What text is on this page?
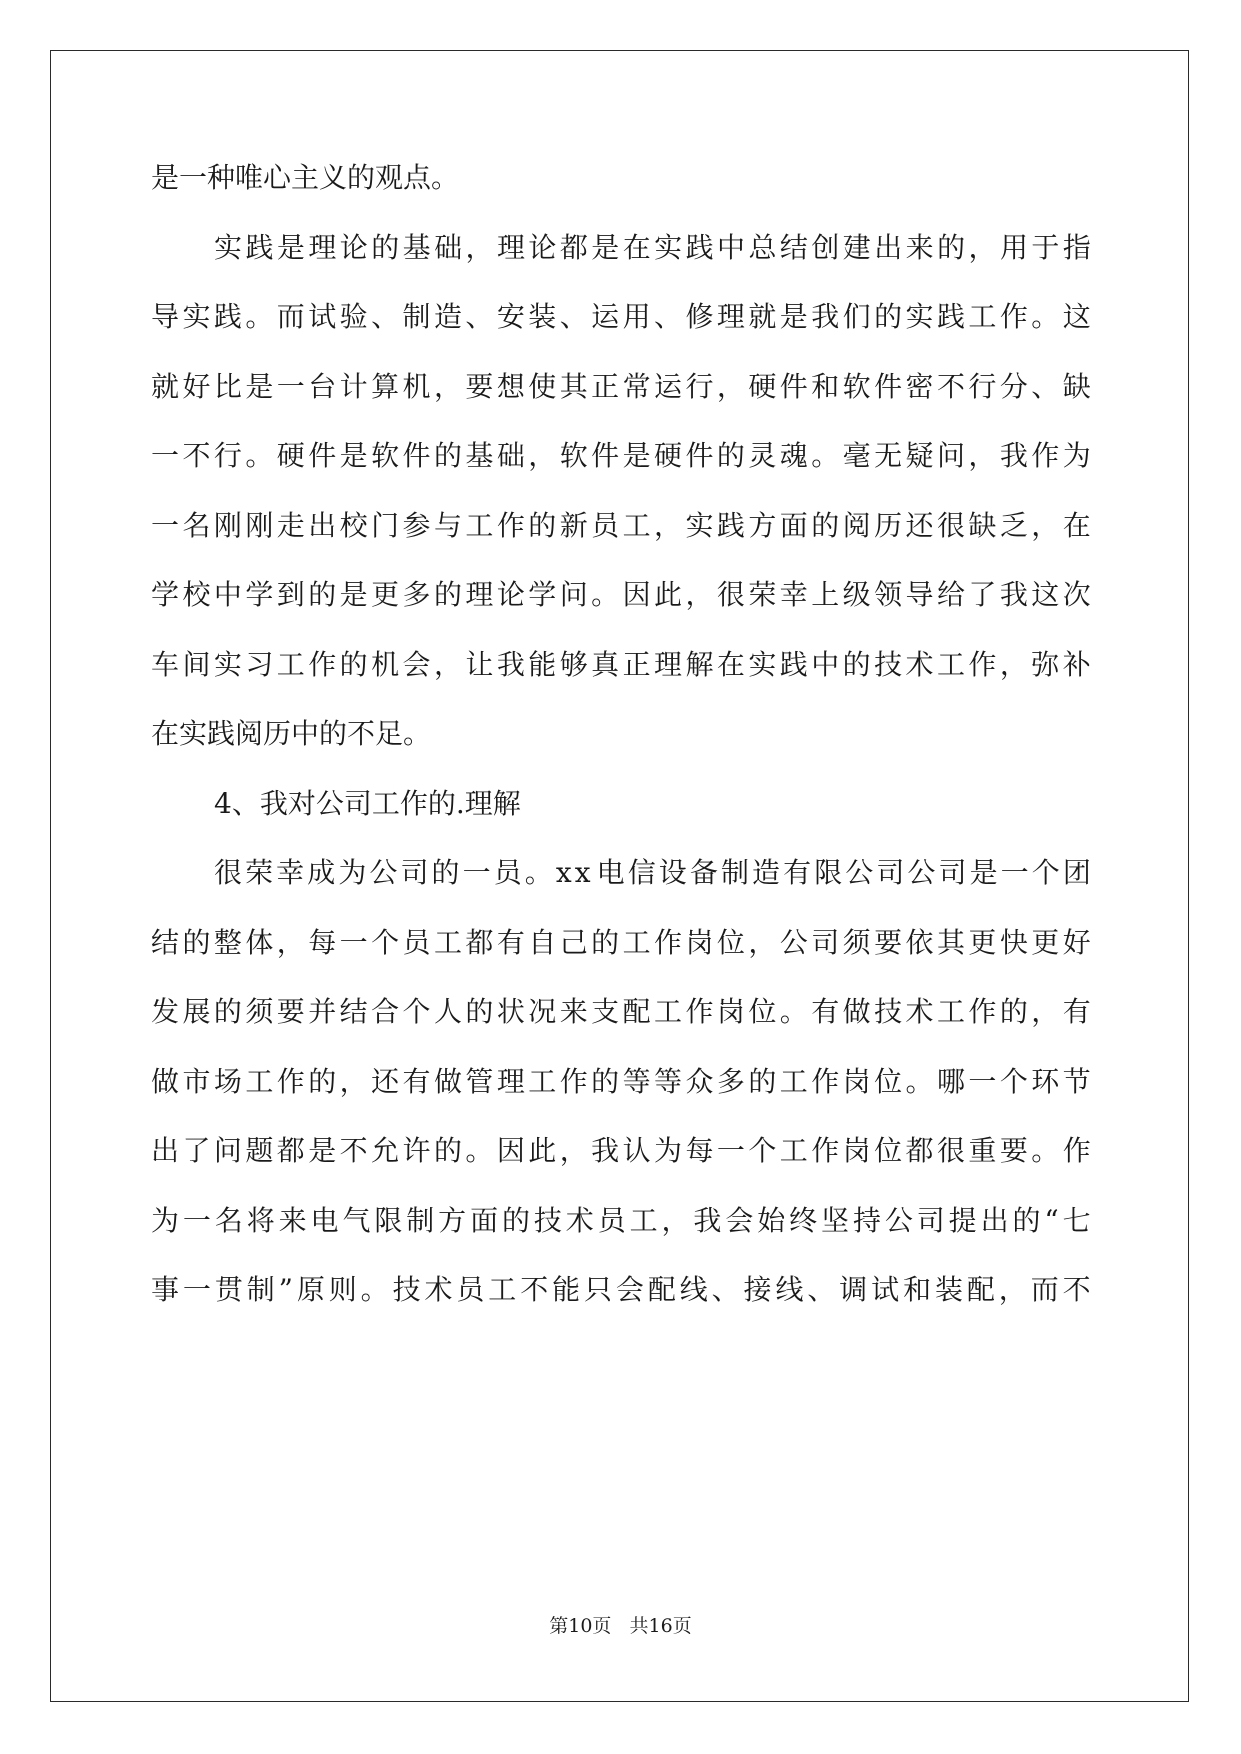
是一种唯心主义的观点。
实 践 是 理 论 的 基 础 ， 理 论 都 是 在 实 践 中 总 结 创 建 出 来 的 ， 用 于 指
导 实 践 。 而 试 验 、 制 造 、 安 装 、 运 用 、 修 理 就 是 我 们 的 实 践 工 作 。 这
就 好 比 是 一 台 计 算 机 ， 要 想 使 其 正 常 运 行 ， 硬 件 和 软 件 密 不 行 分 、 缺
一 不 行 。 硬 件 是 软 件 的 基 础 ， 软 件 是 硬 件 的 灵 魂 。 毫 无 疑 问 ， 我 作 为
一 名 刚 刚 走 出 校 门 参 与 工 作 的 新 员 工 ， 实 践 方 面 的 阅 历 还 很 缺 乏 ， 在
学 校 中 学 到 的 是 更 多 的 理 论 学 问 。 因 此 ， 很 荣 幸 上 级 领 导 给 了 我 这 次
车 间 实 习 工 作 的 机 会 ， 让 我 能 够 真 正 理 解 在 实 践 中 的 技 术 工 作 ， 弥 补
在实践阅历中的不足。
4、我对公司工作的.理解
很 荣 幸 成 为 公 司 的 一 员 。 x x 电 信 设 备 制 造 有 限 公 司 公 司 是 一 个 团
结 的 整 体 ， 每 一 个 员 工 都 有 自 己 的 工 作 岗 位 ， 公 司 须 要 依 其 更 快 更 好
发 展 的 须 要 并 结 合 个 人 的 状 况 来 支 配 工 作 岗 位 。 有 做 技 术 工 作 的 ， 有
做 市 场 工 作 的 ， 还 有 做 管 理 工 作 的 等 等 众 多 的 工 作 岗 位 。 哪 一 个 环 节
出 了 问 题 都 是 不 允 许 的 。 因 此 ， 我 认 为 每 一 个 工 作 岗 位 都 很 重 要 。 作
为 一 名 将 来 电 气 限 制 方 面 的 技 术 员 工 ， 我 会 始 终 坚 持 公 司 提 出 的 “ 七
事 一 贯 制 ” 原 则 。 技 术 员 工 不 能 只 会 配 线 、 接 线 、 调 试 和 装 配 ， 而 不
第10页   共16页
